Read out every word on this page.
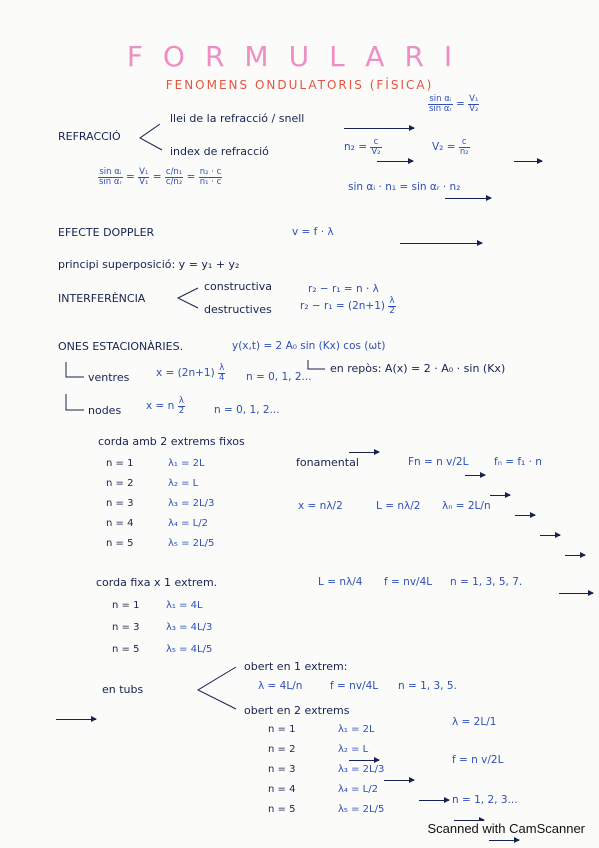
FORMULARI
FENOMENS ONDULATORIS (FÍSICA)
REFRACCIÓ
llei de la refracció / snell

$\frac{\text{sin αᵢ}}{\text{sin αᵣ}} = \frac{\text{V₁}}{\text{V₂}}$
index de refracció
	$n_2 = \frac{c}{\text{V₂}}$
	$V_2 = \frac{c}{\text{n₂}}$
$\frac{\text{sin αᵢ}}{\text{sin αᵣ}} = \frac{\text{V₁}}{\text{V₁}} = \frac{\text{c/n₁}}{\text{c/n₂}} = \frac{\text{n₂ · c}}{\text{n₁ · c}}$

sin αᵢ · n₁ = sin αᵣ · n₂
EFECTE DOPPLER
	v = f · λ
principi superposició: y = y₁ + y₂
INTERFERÈNCIA
constructiva	r₂ − r₁ = n · λ
destructives	$r_2 - r_1 = (2n+1) \frac{\lambda}{2}$
ONES ESTACIONÀRIES.	y(x,t) = 2 A₀ sin (Kx) cos (ωt)
en repòs: A(x) = 2 · A₀ · sin (Kx)
ventres	$x = (2n+1) \frac{\lambda}{4}$ n = 0, 1, 2...
nodes x = n $\frac{\lambda}{2}$	n = 0, 1, 2...

corda amb 2 extrems fixos
n = 1
	λ₁ = 2L
n = 2
	λ₂ = L
n = 3
	λ₃ = 2L/3
n = 4
	λ₄ = L/2
n = 5
	λ₅ = 2L/5

fonamental	Fn = n v/2L fₙ = f₁ · n
x = nλ/2	L = nλ/2 λₙ = 2L/n

corda fixa x 1 extrem.	L = nλ/4 f = nv/4L n = 1, 3, 5, 7.
n = 1
	λ₁ = 4L
n = 3
	λ₃ = 4L/3
n = 5
	λ₅ = 4L/5

en tubs
obert en 1 extrem:
λ = 4L/n	f = nv/4L n = 1, 3, 5.
obert en 2 extrems
n = 1
	λ₁ = 2L
n = 2
	λ₂ = L
n = 3
	λ₃ = 2L/3
n = 4
	λ₄ = L/2
n = 5	λ₅ = 2L/5
λ = 2L/1
f = n v/2L
n = 1, 2, 3...
Scanned with CamScanner
